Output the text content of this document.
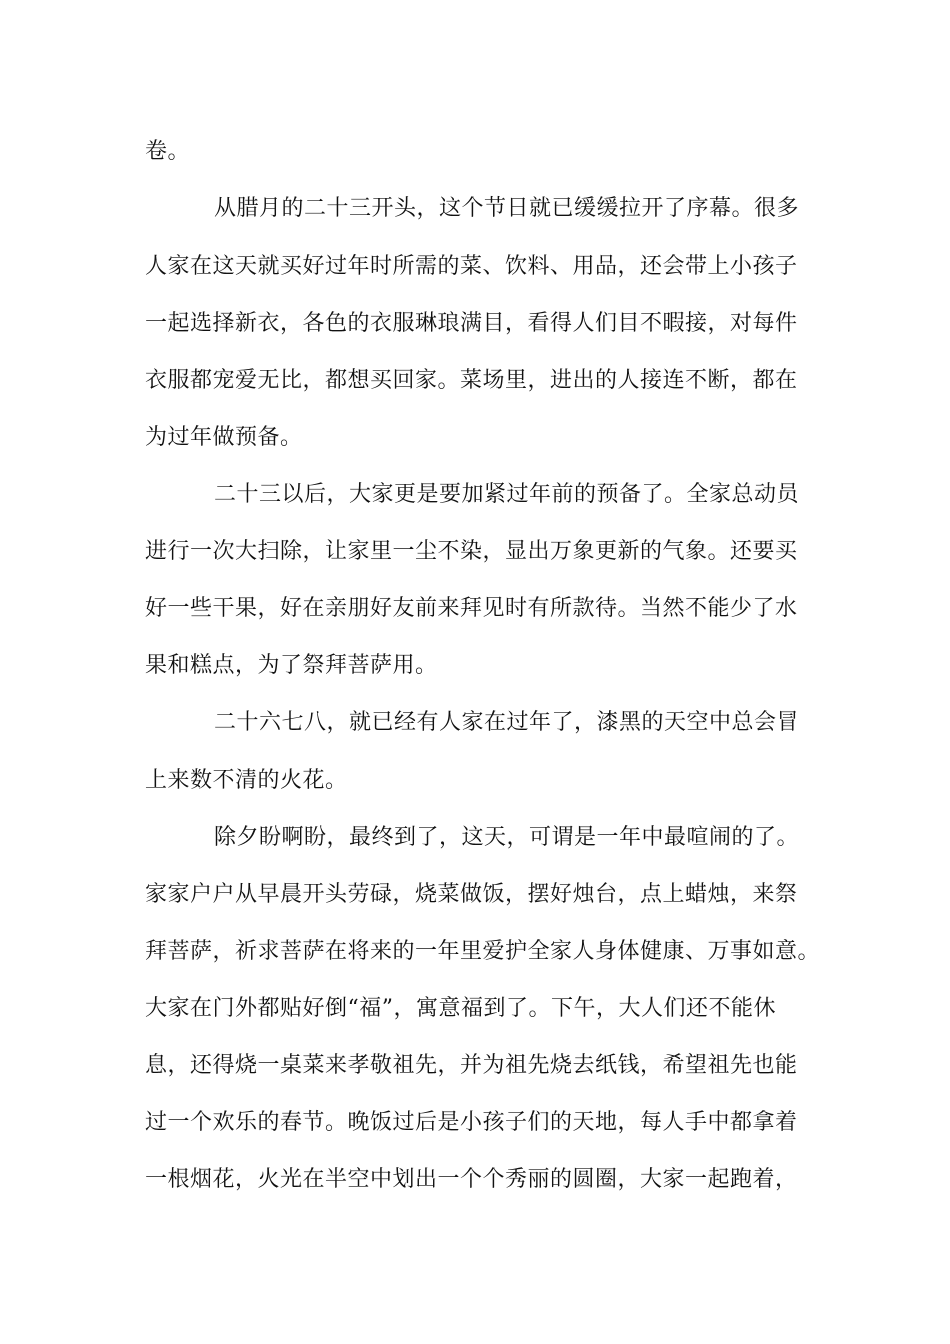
卷。
从腊月的二十三开头，这个节日就已缓缓拉开了序幕。很多
人家在这天就买好过年时所需的菜、饮料、用品，还会带上小孩子
一起选择新衣，各色的衣服琳琅满目，看得人们目不暇接，对每件
衣服都宠爱无比，都想买回家。菜场里，进出的人接连不断，都在
为过年做预备。
二十三以后，大家更是要加紧过年前的预备了。全家总动员
进行一次大扫除，让家里一尘不染，显出万象更新的气象。还要买
好一些干果，好在亲朋好友前来拜见时有所款待。当然不能少了水
果和糕点，为了祭拜菩萨用。
二十六七八，就已经有人家在过年了，漆黑的天空中总会冒
上来数不清的火花。
除夕盼啊盼，最终到了，这天，可谓是一年中最喧闹的了。
家家户户从早晨开头劳碌，烧菜做饭，摆好烛台，点上蜡烛，来祭
拜菩萨，祈求菩萨在将来的一年里爱护全家人身体健康、万事如意。
大家在门外都贴好倒“福”，寓意福到了。下午，大人们还不能休
息，还得烧一桌菜来孝敬祖先，并为祖先烧去纸钱，希望祖先也能
过一个欢乐的春节。晚饭过后是小孩子们的天地，每人手中都拿着
一根烟花，火光在半空中划出一个个秀丽的圆圈，大家一起跑着，
